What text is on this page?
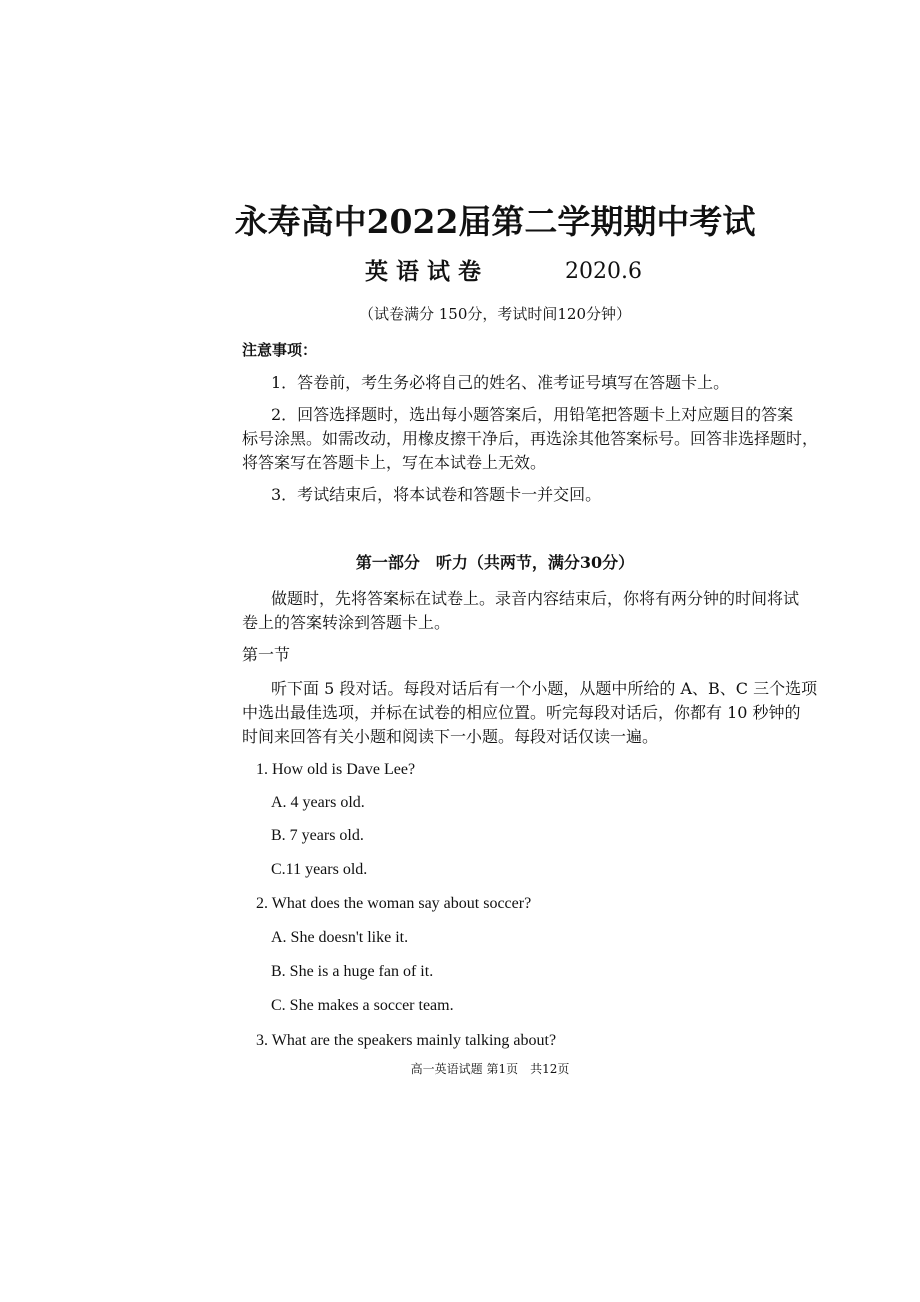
永寿高中2022届第二学期期中考试
英 语 试 卷	2020.6
（试卷满分 150分，考试时间120分钟）
注意事项：
1．答卷前，考生务必将自己的姓名、准考证号填写在答题卡上。
2．回答选择题时，选出每小题答案后，用铅笔把答题卡上对应题目的答案
标号涂黑。如需改动，用橡皮擦干净后，再选涂其他答案标号。回答非选择题时，
将答案写在答题卡上，写在本试卷上无效。
3．考试结束后，将本试卷和答题卡一并交回。
第一部分　听力（共两节，满分30分）
做题时，先将答案标在试卷上。录音内容结束后，你将有两分钟的时间将试
卷上的答案转涂到答题卡上。
第一节
听下面 5 段对话。每段对话后有一个小题，从题中所给的 A、B、C 三个选项
中选出最佳选项，并标在试卷的相应位置。听完每段对话后，你都有 10 秒钟的
时间来回答有关小题和阅读下一小题。每段对话仅读一遍。
1. How old is Dave Lee?
A. 4 years old.
B. 7 years old.
C.11 years old.
2. What does the woman say about soccer?
A. She doesn't like it.
B. She is a huge fan of it.
C. She makes a soccer team.
3. What are the speakers mainly talking about?
高一英语试题 第1页　共12页
